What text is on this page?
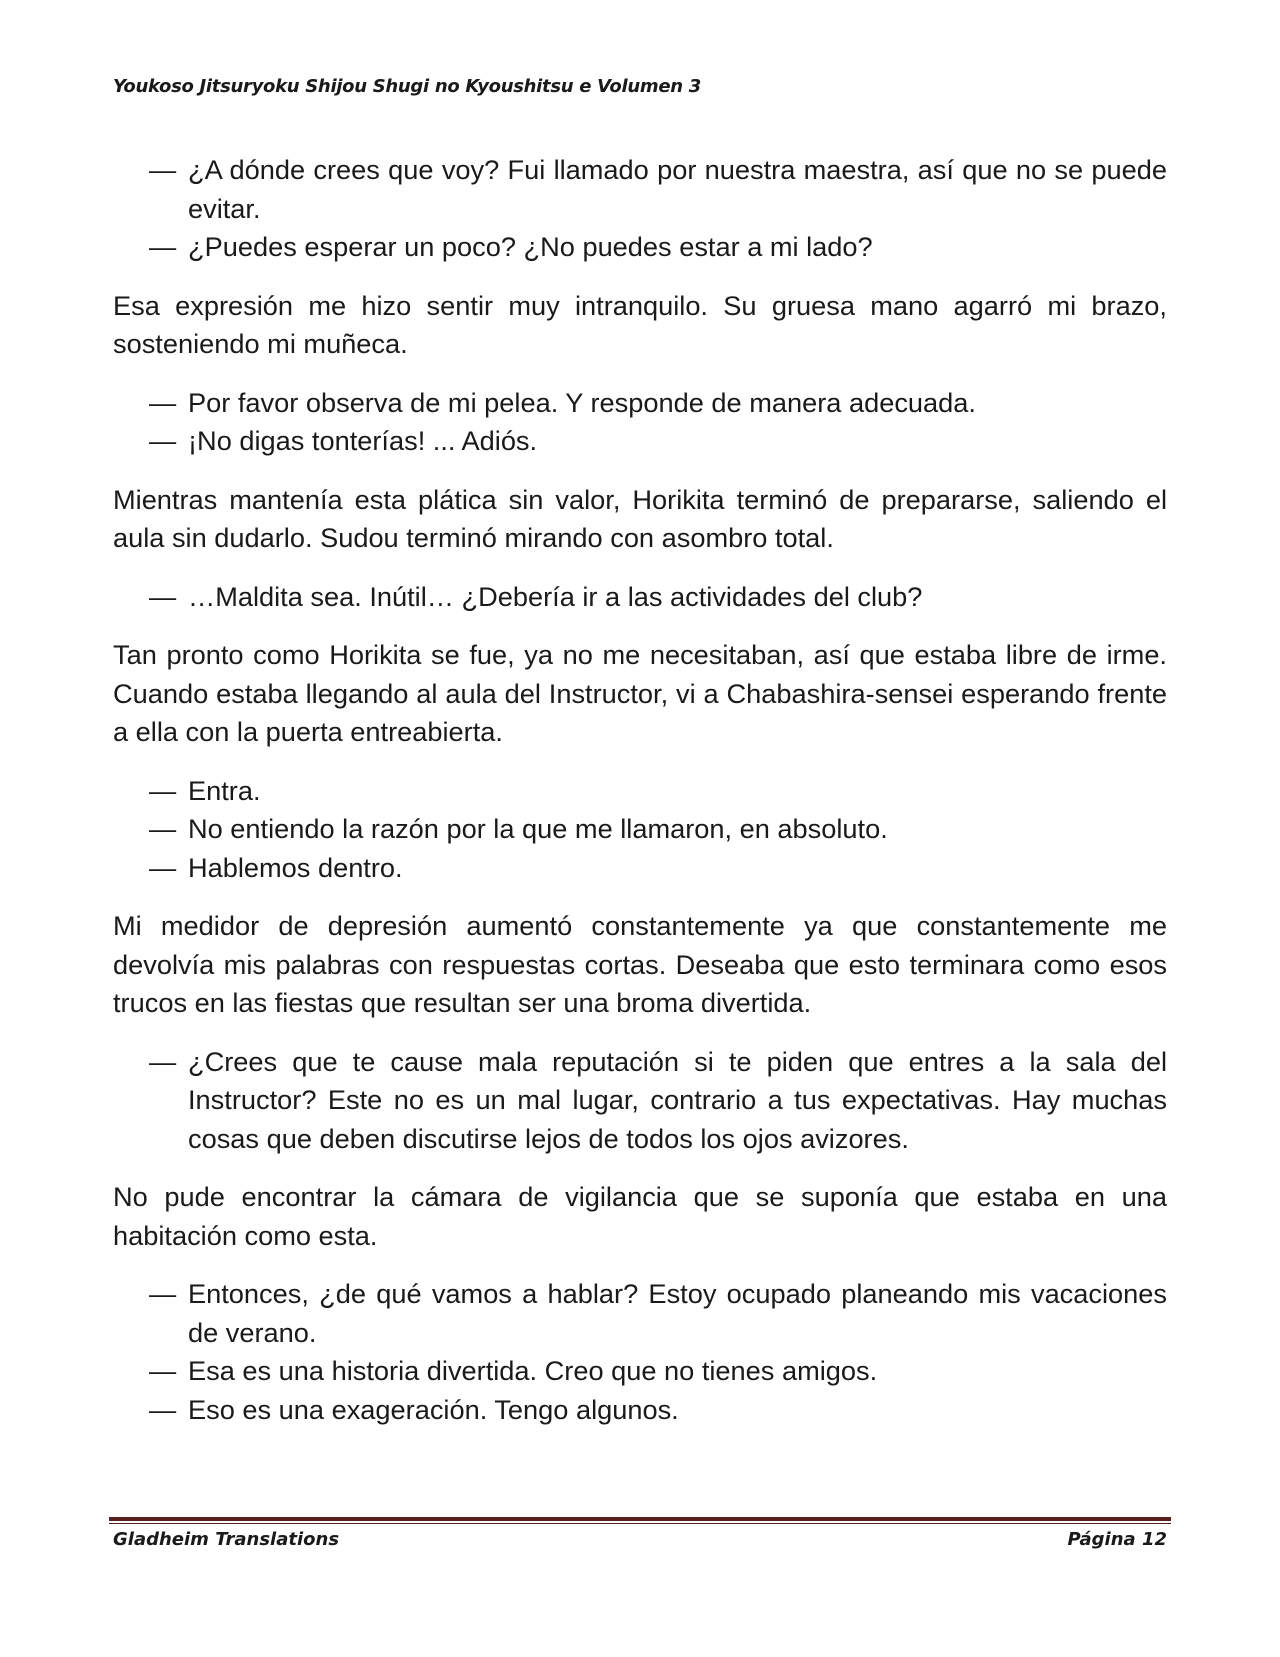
Youkoso Jitsuryoku Shijou Shugi no Kyoushitsu e Volumen 3
— ¿A dónde crees que voy? Fui llamado por nuestra maestra, así que no se puede evitar.
— ¿Puedes esperar un poco? ¿No puedes estar a mi lado?

Esa expresión me hizo sentir muy intranquilo. Su gruesa mano agarró mi brazo, sosteniendo mi muñeca.

— Por favor observa de mi pelea. Y responde de manera adecuada.
— ¡No digas tonterías! ... Adiós.

Mientras mantenía esta plática sin valor, Horikita terminó de prepararse, saliendo el aula sin dudarlo. Sudou terminó mirando con asombro total.

— …Maldita sea. Inútil… ¿Debería ir a las actividades del club?

Tan pronto como Horikita se fue, ya no me necesitaban, así que estaba libre de irme. Cuando estaba llegando al aula del Instructor, vi a Chabashira-sensei esperando frente a ella con la puerta entreabierta.

— Entra.
— No entiendo la razón por la que me llamaron, en absoluto.
— Hablemos dentro.

Mi medidor de depresión aumentó constantemente ya que constantemente me devolvía mis palabras con respuestas cortas. Deseaba que esto terminara como esos trucos en las fiestas que resultan ser una broma divertida.

— ¿Crees que te cause mala reputación si te piden que entres a la sala del Instructor? Este no es un mal lugar, contrario a tus expectativas. Hay muchas cosas que deben discutirse lejos de todos los ojos avizores.

No pude encontrar la cámara de vigilancia que se suponía que estaba en una habitación como esta.

— Entonces, ¿de qué vamos a hablar? Estoy ocupado planeando mis vacaciones de verano.
— Esa es una historia divertida. Creo que no tienes amigos.
— Eso es una exageración. Tengo algunos.
Gladheim Translations	Página 12
